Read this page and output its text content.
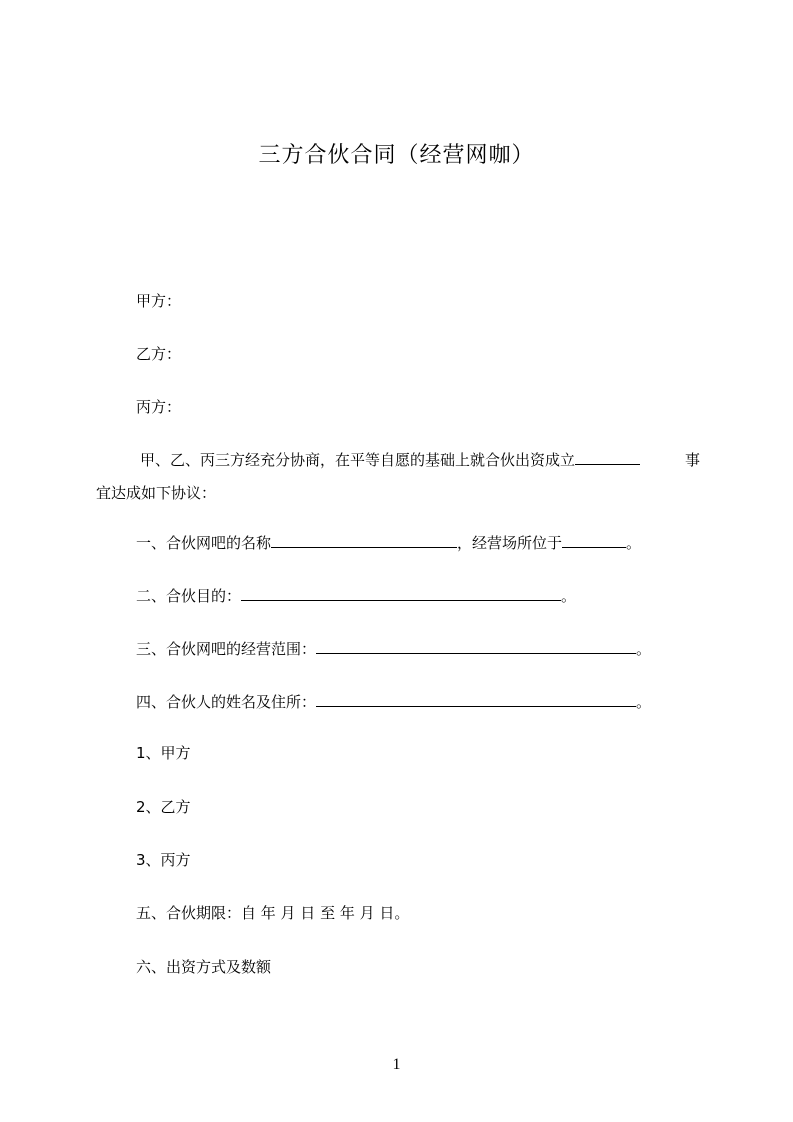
三方合伙合同（经营网咖）
甲方：
乙方：
丙方：
甲、乙、丙三方经充分协商，在平等自愿的基础上就合伙出资成立	事
宜达成如下协议：
一、合伙网吧的名称	，经营场所位于	。
二、合伙目的：	。
三、合伙网吧的经营范围：	。
四、合伙人的姓名及住所：	。
1、甲方
2、乙方
3、丙方
五、合伙期限：自 年 月 日 至 年 月 日。
六、出资方式及数额
1
